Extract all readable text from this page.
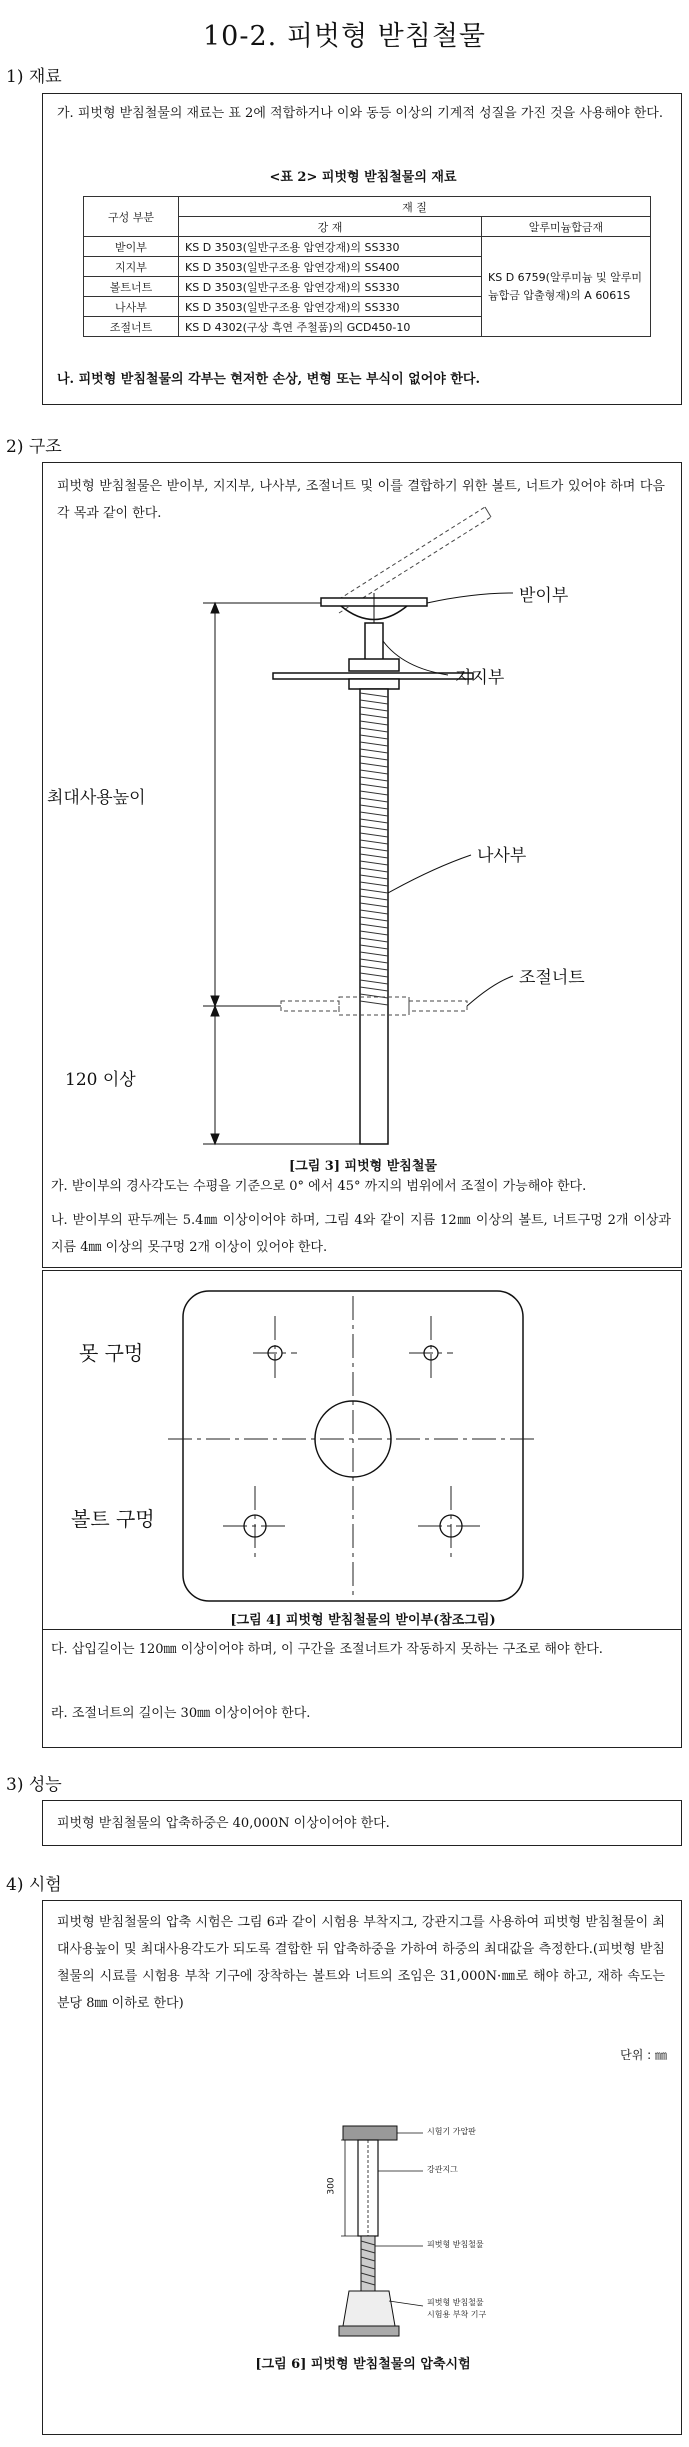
10-2. 피벗형 받침철물
1) 재료
가. 피벗형 받침철물의 재료는 표 2에 적합하거나 이와 동등 이상의 기계적 성질을 가진 것을 사용해야 한다.
<표 2> 피벗형 받침철물의 재료
구성 부분	재 질	
	강 재	알루미늄합금재
받이부	KS D 3503(일반구조용 압연강재)의 SS330	KS D 6759(알루미늄 및 알루미늄합금 압출형재)의 A 6061S
지지부	KS D 3503(일반구조용 압연강재)의 SS400	
볼트너트	KS D 3503(일반구조용 압연강재)의 SS330	
나사부	KS D 3503(일반구조용 압연강재)의 SS330	
조절너트	KS D 4302(구상 흑연 주철품)의 GCD450-10	
나. 피벗형 받침철물의 각부는 현저한 손상, 변형 또는 부식이 없어야 한다.
2) 구조
피벗형 받침철물은 받이부, 지지부, 나사부, 조절너트 및 이를 결합하기 위한 볼트, 너트가 있어야 하며 다음 각 목과 같이 한다.
받이부
지지부
나사부
조절너트
최대사용높이
120 이상
[그림 3] 피벗형 받침철물
가. 받이부의 경사각도는 수평을 기준으로 0° 에서 45° 까지의 범위에서 조절이 가능해야 한다.
나. 받이부의 판두께는 5.4㎜ 이상이어야 하며, 그림 4와 같이 지름 12㎜ 이상의 볼트, 너트구멍 2개 이상과 지름 4㎜ 이상의 못구멍 2개 이상이 있어야 한다.
못 구멍
볼트 구멍
[그림 4] 피벗형 받침철물의 받이부(참조그림)
다. 삽입길이는 120㎜ 이상이어야 하며, 이 구간을 조절너트가 작동하지 못하는 구조로 해야 한다.
라. 조절너트의 길이는 30㎜ 이상이어야 한다.
3) 성능
피벗형 받침철물의 압축하중은 40,000N 이상이어야 한다.
4) 시험
피벗형 받침철물의 압축 시험은 그림 6과 같이 시험용 부착지그, 강관지그를 사용하여 피벗형 받침철물이 최대사용높이 및 최대사용각도가 되도록 결합한 뒤 압축하중을 가하여 하중의 최대값을 측정한다.(피벗형 받침철물의 시료를 시험용 부착 기구에 장착하는 볼트와 너트의 조임은 31,000N·㎜로 해야 하고, 재하 속도는 분당 8㎜ 이하로 한다)
단위 : ㎜
300
시험기 가압판
강관지그
피벗형 받침철물
피벗형 받침철물
시험용 부착 기구
[그림 6] 피벗형 받침철물의 압축시험
